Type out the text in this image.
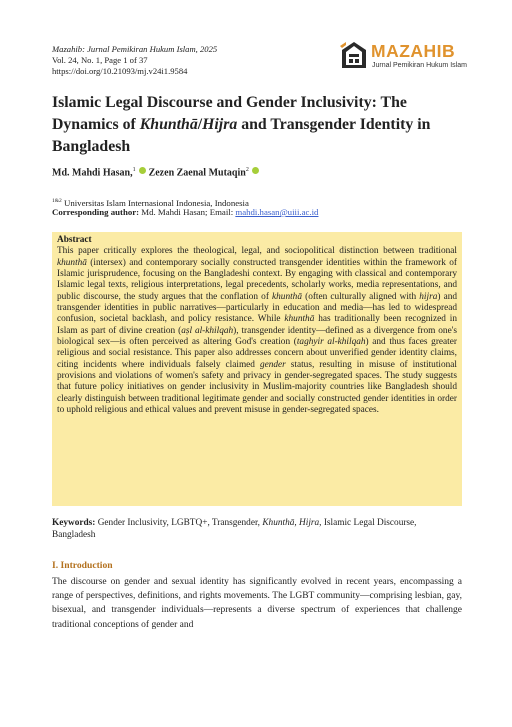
Mazahib: Jurnal Pemikiran Hukum Islam, 2025
Vol. 24, No. 1, Page 1 of 37
https://doi.org/10.21093/mj.v24i1.9584
MAZAHIB
Jurnal Pemikiran Hukum Islam
Islamic Legal Discourse and Gender Inclusivity: The Dynamics of Khunthā/Hijra and Transgender Identity in Bangladesh
Md. Mahdi Hasan,$^1$ Zezen Zaenal Mutaqin$^2$
$^{1\&2}$ Universitas Islam Internasional Indonesia, Indonesia
Corresponding author: Md. Mahdi Hasan; Email: mahdi.hasan@uiii.ac.id
Abstract
This paper critically explores the theological, legal, and sociopolitical distinction between traditional khunthā (intersex) and contemporary socially constructed transgender identities within the framework of Islamic jurisprudence, focusing on the Bangladeshi context. By engaging with classical and contemporary Islamic legal texts, religious interpretations, legal precedents, scholarly works, media representations, and public discourse, the study argues that the conflation of khunthā (often culturally aligned with hijra) and transgender identities in public narratives—particularly in education and media—has led to widespread confusion, societal backlash, and policy resistance. While khunthā has traditionally been recognized in Islam as part of divine creation (aṣl al-khilqah), transgender identity—defined as a divergence from one's biological sex—is often perceived as altering God's creation (taghyir al-khilqah) and thus faces greater religious and social resistance. This paper also addresses concern about unverified gender identity claims, citing incidents where individuals falsely claimed gender status, resulting in misuse of institutional provisions and violations of women's safety and privacy in gender-segregated spaces. The study suggests that future policy initiatives on gender inclusivity in Muslim-majority countries like Bangladesh should clearly distinguish between traditional legitimate gender and socially constructed gender identities in order to uphold religious and ethical values and prevent misuse in gender-segregated spaces.
Keywords: Gender Inclusivity, LGBTQ+, Transgender, Khunthā, Hijra, Islamic Legal Discourse, Bangladesh
I. Introduction
The discourse on gender and sexual identity has significantly evolved in recent years, encompassing a range of perspectives, definitions, and rights movements. The LGBT community—comprising lesbian, gay, bisexual, and transgender individuals—represents a diverse spectrum of experiences that challenge traditional conceptions of gender and
